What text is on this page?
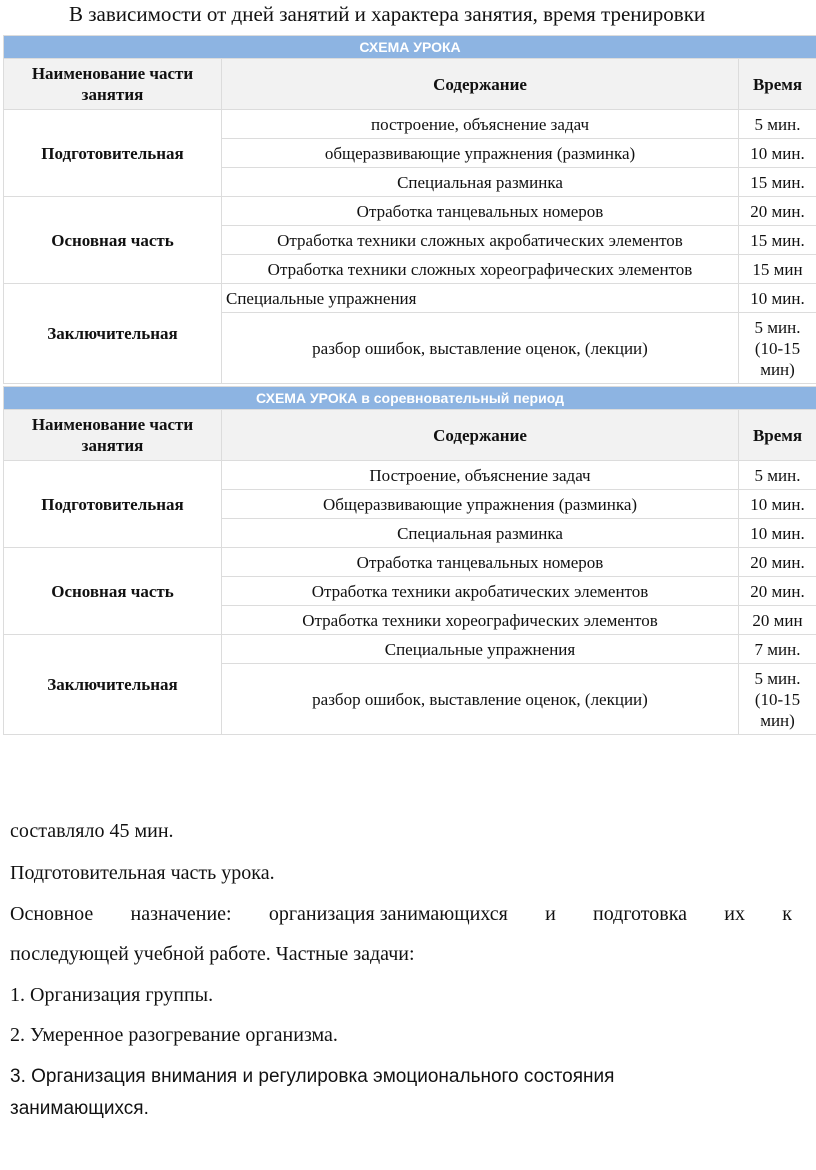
В зависимости от дней занятий и характера занятия, время тренировки
СХЕМА УРОКА		
Наименование части занятия	Содержание	Время
Подготовительная	построение, объяснение задач	5 мин.
	общеразвивающие упражнения (разминка)	10 мин.
	Специальная разминка	15 мин.
Основная часть	Отработка танцевальных номеров	20 мин.
	Отработка техники сложных акробатических элементов	15 мин.
	Отработка техники сложных хореографических элементов	15 мин
Заключительная	Специальные упражнения	10 мин.
	разбор ошибок, выставление оценок, (лекции)	5 мин. (10-15 мин)
СХЕМА УРОКА в соревновательный период		
Наименование части занятия	Содержание	Время
Подготовительная	Построение, объяснение задач	5 мин.
	Общеразвивающие упражнения (разминка)	10 мин.
	Специальная разминка	10 мин.
Основная часть	Отработка танцевальных номеров	20 мин.
	Отработка техники акробатических элементов	20 мин.
	Отработка техники хореографических элементов	20 мин
Заключительная	Специальные упражнения	7 мин.
	разбор ошибок, выставление оценок, (лекции)	5 мин. (10-15 мин)
составляло 45 мин.
Подготовительная часть урока.
Основное назначение: организация занимающихся и подготовка их к
последующей учебной работе. Частные задачи:
1. Организация группы.
2. Умеренное разогревание организма.
3. Организация внимания и регулировка эмоционального состояния
занимающихся.
